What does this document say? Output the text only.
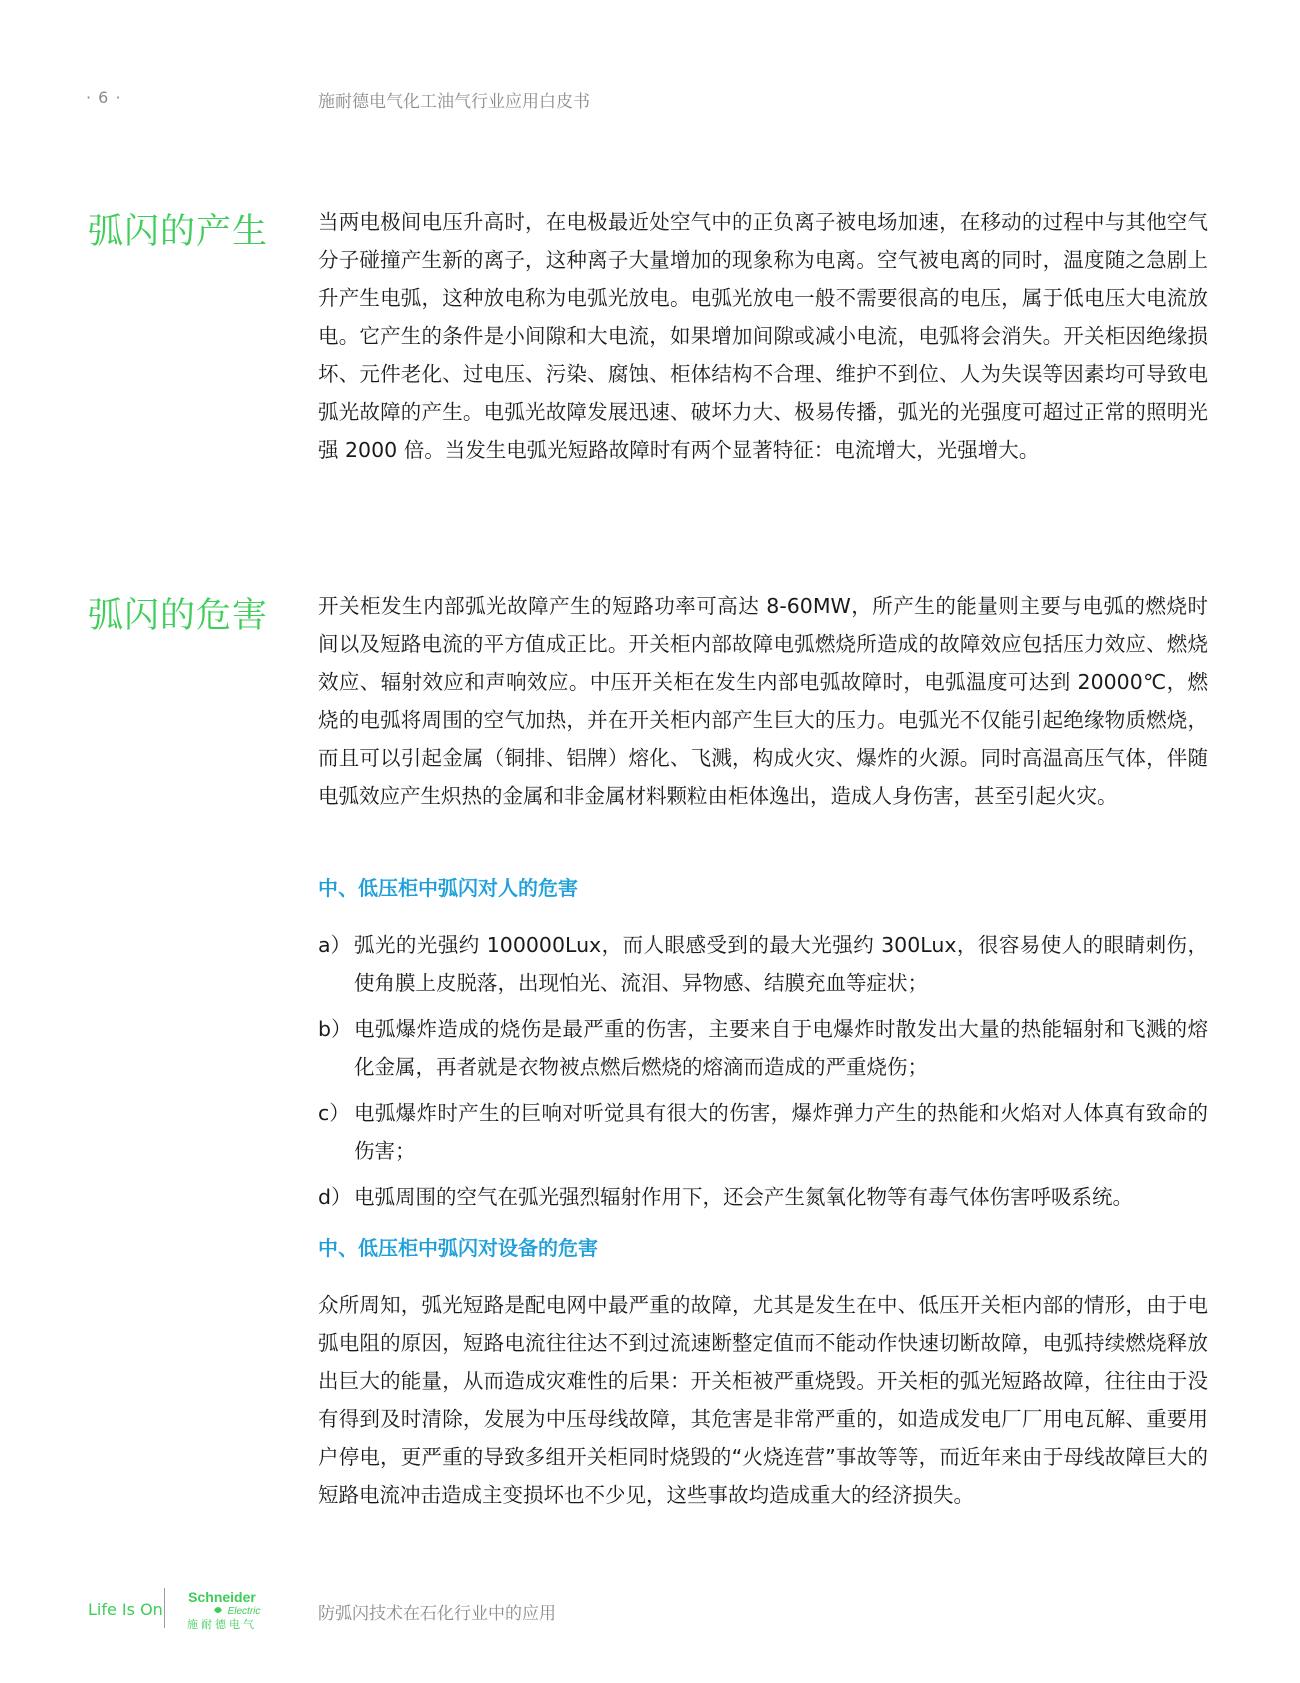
· 6 ·	施耐德电气化工油气行业应用白皮书
弧闪的产生 当两电极间电压升高时，在电极最近处空气中的正负离子被电场加速，在移动的过程中与其他空气分子碰撞产生新的离子，这种离子大量增加的现象称为电离。空气被电离的同时，温度随之急剧上升产生电弧，这种放电称为电弧光放电。电弧光放电一般不需要很高的电压，属于低电压大电流放电。它产生的条件是小间隙和大电流，如果增加间隙或减小电流，电弧将会消失。开关柜因绝缘损坏、元件老化、过电压、污染、腐蚀、柜体结构不合理、维护不到位、人为失误等因素均可导致电弧光故障的产生。电弧光故障发展迅速、破坏力大、极易传播，弧光的光强度可超过正常的照明光强 2000 倍。当发生电弧光短路故障时有两个显著特征：电流增大，光强增大。

弧闪的危害 开关柜发生内部弧光故障产生的短路功率可高达 8-60MW，所产生的能量则主要与电弧的燃烧时间以及短路电流的平方值成正比。开关柜内部故障电弧燃烧所造成的故障效应包括压力效应、燃烧效应、辐射效应和声响效应。中压开关柜在发生内部电弧故障时，电弧温度可达到 20000℃，燃烧的电弧将周围的空气加热，并在开关柜内部产生巨大的压力。电弧光不仅能引起绝缘物质燃烧，而且可以引起金属（铜排、铝牌）熔化、飞溅，构成火灾、爆炸的火源。同时高温高压气体，伴随电弧效应产生炽热的金属和非金属材料颗粒由柜体逸出，造成人身伤害，甚至引起火灾。

中、低压柜中弧闪对人的危害
a） 弧光的光强约 100000Lux，而人眼感受到的最大光强约 300Lux，很容易使人的眼睛刺伤，使角膜上皮脱落，出现怕光、流泪、异物感、结膜充血等症状；
b） 电弧爆炸造成的烧伤是最严重的伤害，主要来自于电爆炸时散发出大量的热能辐射和飞溅的熔化金属，再者就是衣物被点燃后燃烧的熔滴而造成的严重烧伤；
c） 电弧爆炸时产生的巨响对听觉具有很大的伤害，爆炸弹力产生的热能和火焰对人体真有致命的伤害；
d） 电弧周围的空气在弧光强烈辐射作用下，还会产生氮氧化物等有毒气体伤害呼吸系统。
中、低压柜中弧闪对设备的危害

众所周知，弧光短路是配电网中最严重的故障，尤其是发生在中、低压开关柜内部的情形，由于电弧电阻的原因，短路电流往往达不到过流速断整定值而不能动作快速切断故障，电弧持续燃烧释放出巨大的能量，从而造成灾难性的后果：开关柜被严重烧毁。开关柜的弧光短路故障，往往由于没有得到及时清除，发展为中压母线故障，其危害是非常严重的，如造成发电厂厂用电瓦解、重要用户停电，更严重的导致多组开关柜同时烧毁的“火烧连营”事故等等，而近年来由于母线故障巨大的短路电流冲击造成主变损坏也不少见，这些事故均造成重大的经济损失。

Life Is On
Schneider
Electric
施耐德电气
防弧闪技术在石化行业中的应用
